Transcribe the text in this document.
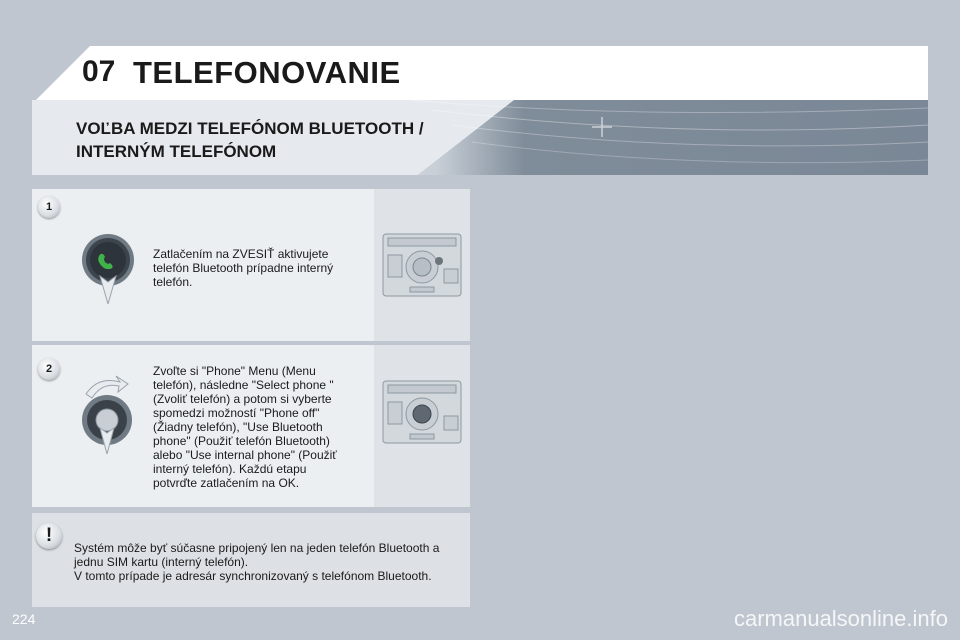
07 TELEFONOVANIE
VOĽBA MEDZI TELEFÓNOM BLUETOOTH /
INTERNÝM TELEFÓNOM
1
Zatlačením na ZVESIŤ aktivujete
telefón Bluetooth prípadne interný
telefón.
2	Zvoľte si "Phone" Menu (Menu
telefón), následne "Select phone "
(Zvoliť telefón) a potom si vyberte
spomedzi možností "Phone off"
(Žiadny telefón), "Use Bluetooth
phone" (Použiť telefón Bluetooth)
alebo "Use internal phone" (Použiť
interný telefón). Každú etapu
potvrďte zatlačením na OK.
!
Systém môže byť súčasne pripojený len na jeden telefón Bluetooth a
jednu SIM kartu (interný telefón).
V tomto prípade je adresár synchronizovaný s telefónom Bluetooth.
224	carmanualsonline.info
